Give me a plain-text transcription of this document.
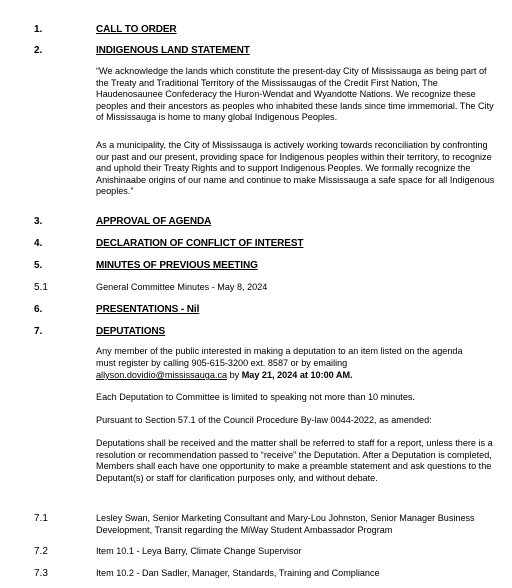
1.	CALL TO ORDER
2.	INDIGENOUS LAND STATEMENT

“We acknowledge the lands which constitute the present-day City of Mississauga as being part of the Treaty and Traditional Territory of the Mississaugas of the Credit First Nation, The Haudenosaunee Confederacy the Huron-Wendat and Wyandotte Nations. We recognize these peoples and their ancestors as peoples who inhabited these lands since time immemorial. The City of Mississauga is home to many global Indigenous Peoples.

As a municipality, the City of Mississauga is actively working towards reconciliation by confronting our past and our present, providing space for Indigenous peoples within their territory, to recognize and uphold their Treaty Rights and to support Indigenous Peoples. We formally recognize the Anishinaabe origins of our name and continue to make Mississauga a safe space for all Indigenous peoples.”

3.	APPROVAL OF AGENDA
4.	DECLARATION OF CONFLICT OF INTEREST
5.	MINUTES OF PREVIOUS MEETING
5.1	General Committee Minutes - May 8, 2024
6.	PRESENTATIONS - Nil
7.	DEPUTATIONS
Any member of the public interested in making a deputation to an item listed on the agenda
must register by calling 905-615-3200 ext. 8587 or by emailing
allyson.dovidio@mississauga.ca by May 21, 2024 at 10:00 AM.
Each Deputation to Committee is limited to speaking not more than 10 minutes.
Pursuant to Section 57.1 of the Council Procedure By-law 0044-2022, as amended:

Deputations shall be received and the matter shall be referred to staff for a report, unless there is a resolution or recommendation passed to “receive” the Deputation. After a Deputation is completed, Members shall each have one opportunity to make a preamble statement and ask questions to the Deputant(s) or staff for clarification purposes only, and without debate.

7.1	Lesley Swan, Senior Marketing Consultant and Mary-Lou Johnston, Senior Manager Business Development, Transit regarding the MiWay Student Ambassador Program

7.2	Item 10.1 - Leya Barry, Climate Change Supervisor
7.3	Item 10.2 - Dan Sadler, Manager, Standards, Training and Compliance
